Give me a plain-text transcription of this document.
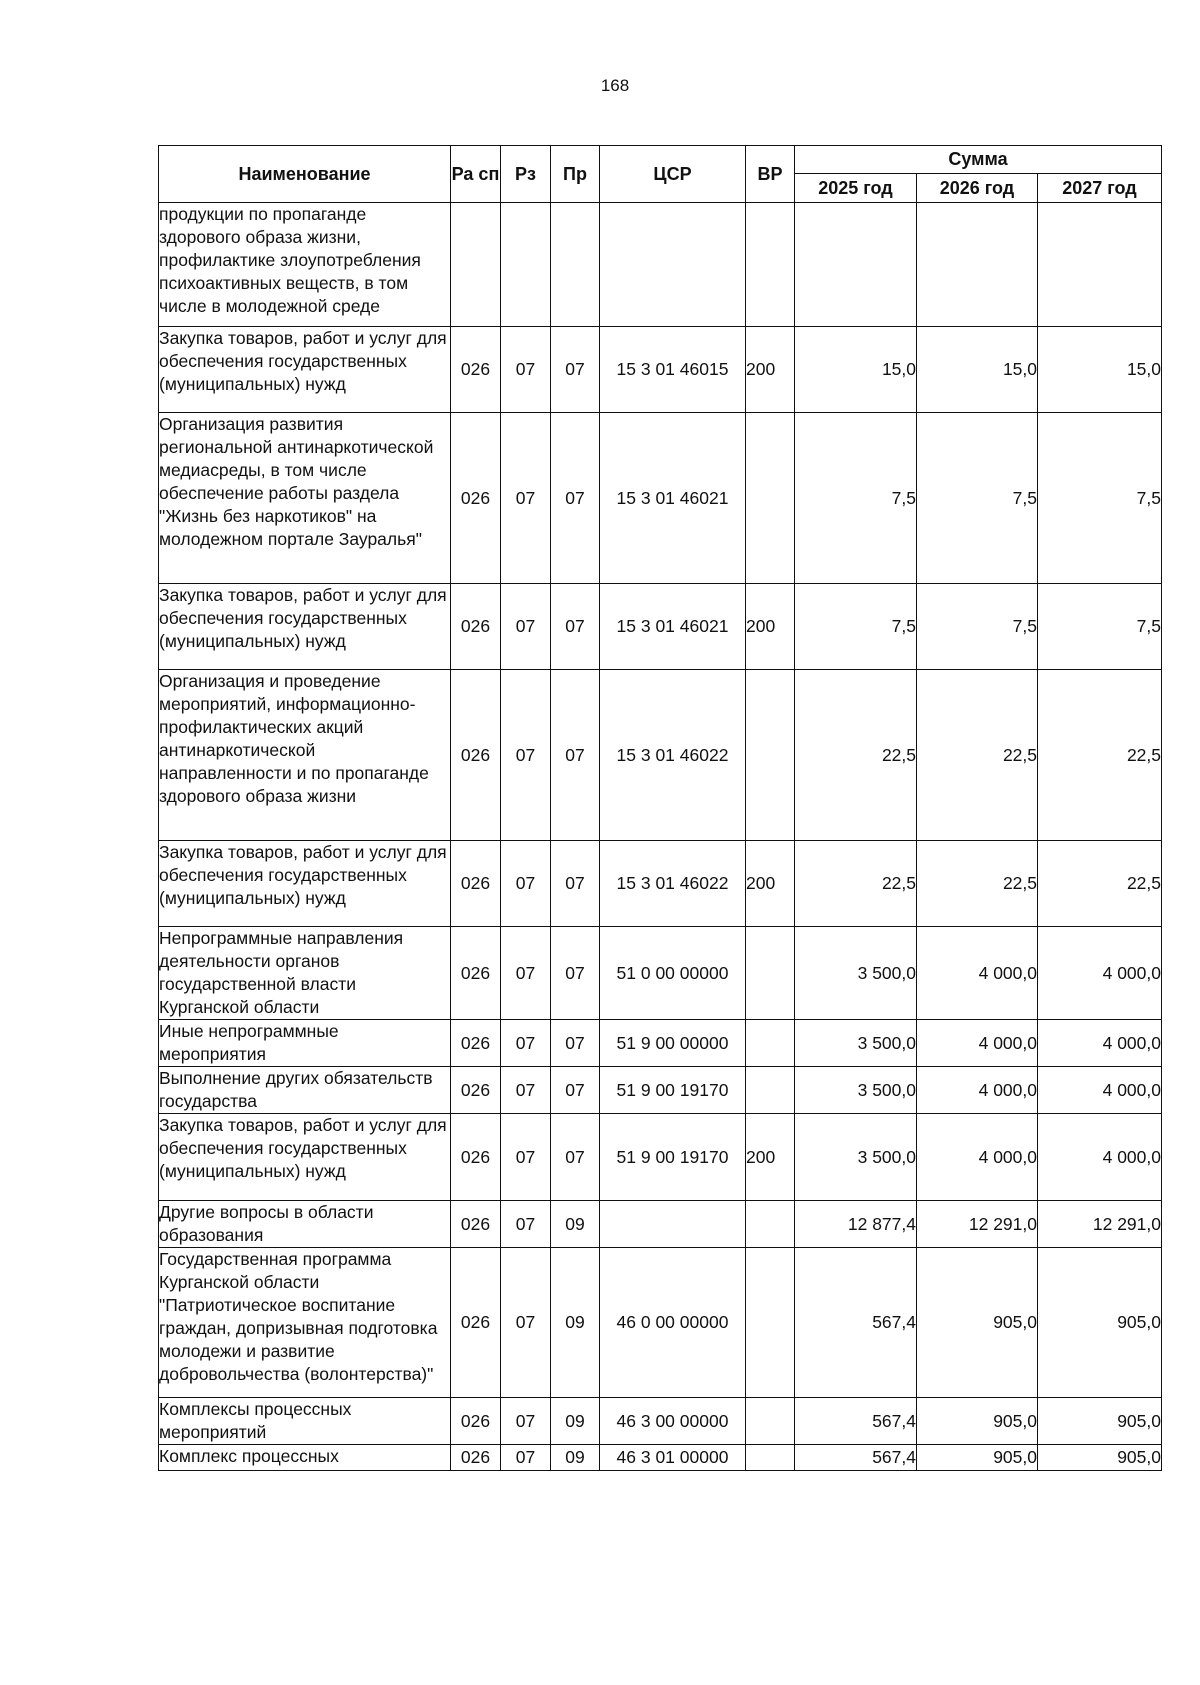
168
Наименование	Ра сп	Рз	Пр	ЦСР	ВР	Сумма		
						2025 год	2026 год	2027 год
продукции по пропаганде здорового образа жизни, профилактике злоупотребления психоактивных веществ, в том числе в молодежной среде								
Закупка товаров, работ и услуг для обеспечения государственных (муниципальных) нужд	026	07	07	15 3 01 46015	200	15,0	15,0	15,0
Организация развития региональной антинаркотической медиасреды, в том числе обеспечение работы раздела "Жизнь без наркотиков" на молодежном портале Зауралья"	026	07	07	15 3 01 46021		7,5	7,5	7,5
Закупка товаров, работ и услуг для обеспечения государственных (муниципальных) нужд	026	07	07	15 3 01 46021	200	7,5	7,5	7,5
Организация и проведение мероприятий, информационно-профилактических акций антинаркотической направленности и по пропаганде здорового образа жизни	026	07	07	15 3 01 46022		22,5	22,5	22,5
Закупка товаров, работ и услуг для обеспечения государственных (муниципальных) нужд	026	07	07	15 3 01 46022	200	22,5	22,5	22,5
Непрограммные направления деятельности органов государственной власти Курганской области	026	07	07	51 0 00 00000		3 500,0	4 000,0	4 000,0
Иные непрограммные мероприятия	026	07	07	51 9 00 00000		3 500,0	4 000,0	4 000,0
Выполнение других обязательств государства	026	07	07	51 9 00 19170		3 500,0	4 000,0	4 000,0
Закупка товаров, работ и услуг для обеспечения государственных (муниципальных) нужд	026	07	07	51 9 00 19170	200	3 500,0	4 000,0	4 000,0
Другие вопросы в области образования	026	07	09			12 877,4	12 291,0	12 291,0
Государственная программа Курганской области "Патриотическое воспитание граждан, допризывная подготовка молодежи и развитие добровольчества (волонтерства)"	026	07	09	46 0 00 00000		567,4	905,0	905,0
Комплексы процессных мероприятий	026	07	09	46 3 00 00000		567,4	905,0	905,0
Комплекс процессных	026	07	09	46 3 01 00000		567,4	905,0	905,0
